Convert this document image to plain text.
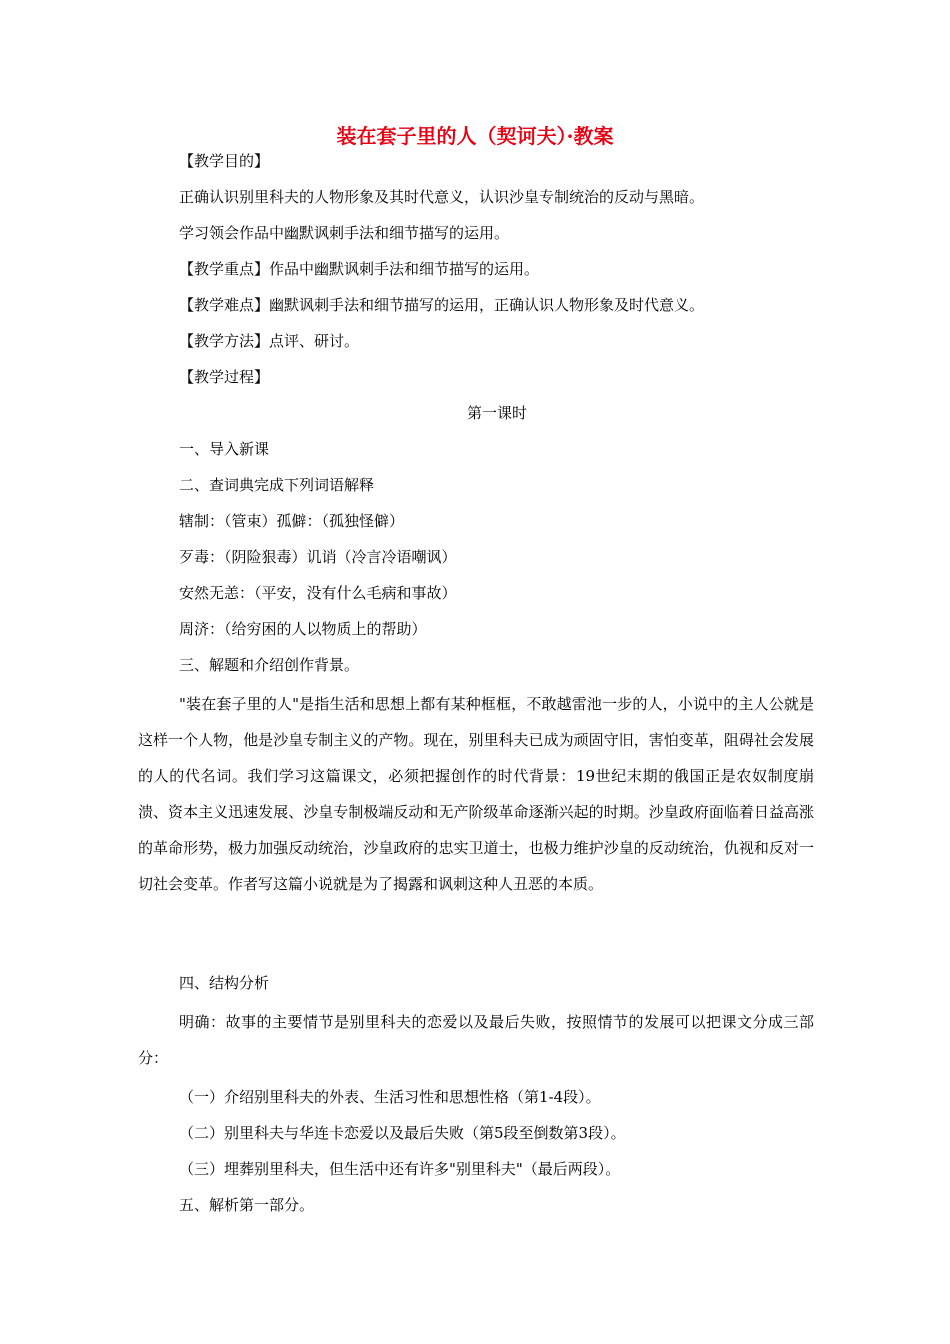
装在套子里的人（契诃夫）·教案
【教学目的】
正确认识别里科夫的人物形象及其时代意义，认识沙皇专制统治的反动与黑暗。
学习领会作品中幽默讽刺手法和细节描写的运用。
【教学重点】作品中幽默讽刺手法和细节描写的运用。
【教学难点】幽默讽刺手法和细节描写的运用，正确认识人物形象及时代意义。
【教学方法】点评、研讨。
【教学过程】
第一课时
一、导入新课
二、查词典完成下列词语解释
辖制：（管束）孤僻：（孤独怪僻）
歹毒：（阴险狠毒）讥诮（冷言冷语嘲讽）
安然无恙：（平安，没有什么毛病和事故）
周济：（给穷困的人以物质上的帮助）
三、解题和介绍创作背景。
"装在套子里的人"是指生活和思想上都有某种框框，不敢越雷池一步的人，小说中的主人公就是这样一个人物，他是沙皇专制主义的产物。现在，别里科夫已成为顽固守旧，害怕变革，阻碍社会发展的人的代名词。我们学习这篇课文，必须把握创作的时代背景：19世纪末期的俄国正是农奴制度崩溃、资本主义迅速发展、沙皇专制极端反动和无产阶级革命逐渐兴起的时期。沙皇政府面临着日益高涨的革命形势，极力加强反动统治，沙皇政府的忠实卫道士，也极力维护沙皇的反动统治，仇视和反对一切社会变革。作者写这篇小说就是为了揭露和讽刺这种人丑恶的本质。
四、结构分析
明确：故事的主要情节是别里科夫的恋爱以及最后失败，按照情节的发展可以把课文分成三部分：
（一）介绍别里科夫的外表、生活习性和思想性格（第1-4段）。
（二）别里科夫与华连卡恋爱以及最后失败（第5段至倒数第3段）。
（三）埋葬别里科夫，但生活中还有许多"别里科夫"（最后两段）。
五、解析第一部分。
